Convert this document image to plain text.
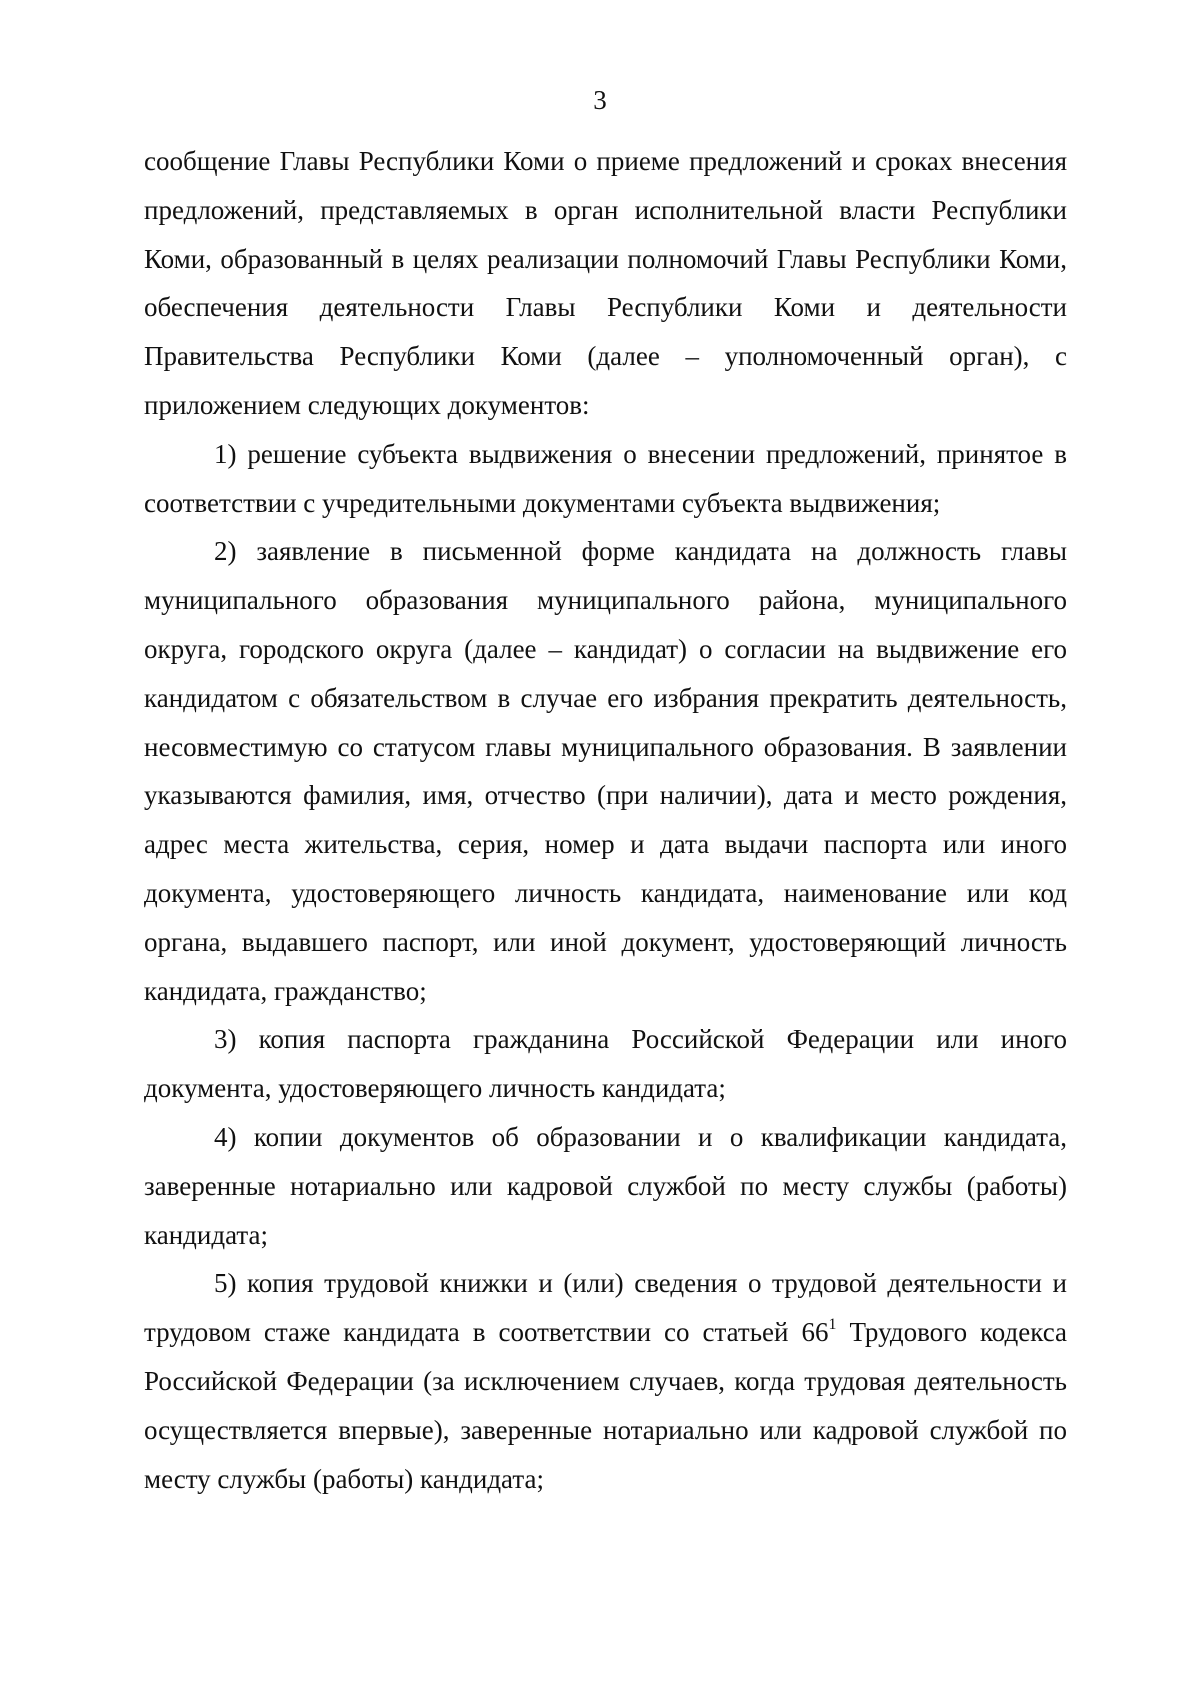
3

сообщение Главы Республики Коми о приеме предложений и сроках внесения предложений, представляемых в орган исполнительной власти Республики Коми, образованный в целях реализации полномочий Главы Республики Коми, обеспечения деятельности Главы Республики Коми и деятельности Правительства Республики Коми (далее – уполномоченный орган), с приложением следующих документов:

1) решение субъекта выдвижения о внесении предложений, принятое в соответствии с учредительными документами субъекта выдвижения;

2) заявление в письменной форме кандидата на должность главы муниципального образования муниципального района, муниципального округа, городского округа (далее – кандидат) о согласии на выдвижение его кандидатом с обязательством в случае его избрания прекратить деятельность, несовместимую со статусом главы муниципального образования. В заявлении указываются фамилия, имя, отчество (при наличии), дата и место рождения, адрес места жительства, серия, номер и дата выдачи паспорта или иного документа, удостоверяющего личность кандидата, наименование или код органа, выдавшего паспорт, или иной документ, удостоверяющий личность кандидата, гражданство;

3) копия паспорта гражданина Российской Федерации или иного документа, удостоверяющего личность кандидата;

4) копии документов об образовании и о квалификации кандидата, заверенные нотариально или кадровой службой по месту службы (работы) кандидата;

5) копия трудовой книжки и (или) сведения о трудовой деятельности и трудовом стаже кандидата в соответствии со статьей $66^1$ Трудового кодекса Российской Федерации (за исключением случаев, когда трудовая деятельность осуществляется впервые), заверенные нотариально или кадровой службой по месту службы (работы) кандидата;
